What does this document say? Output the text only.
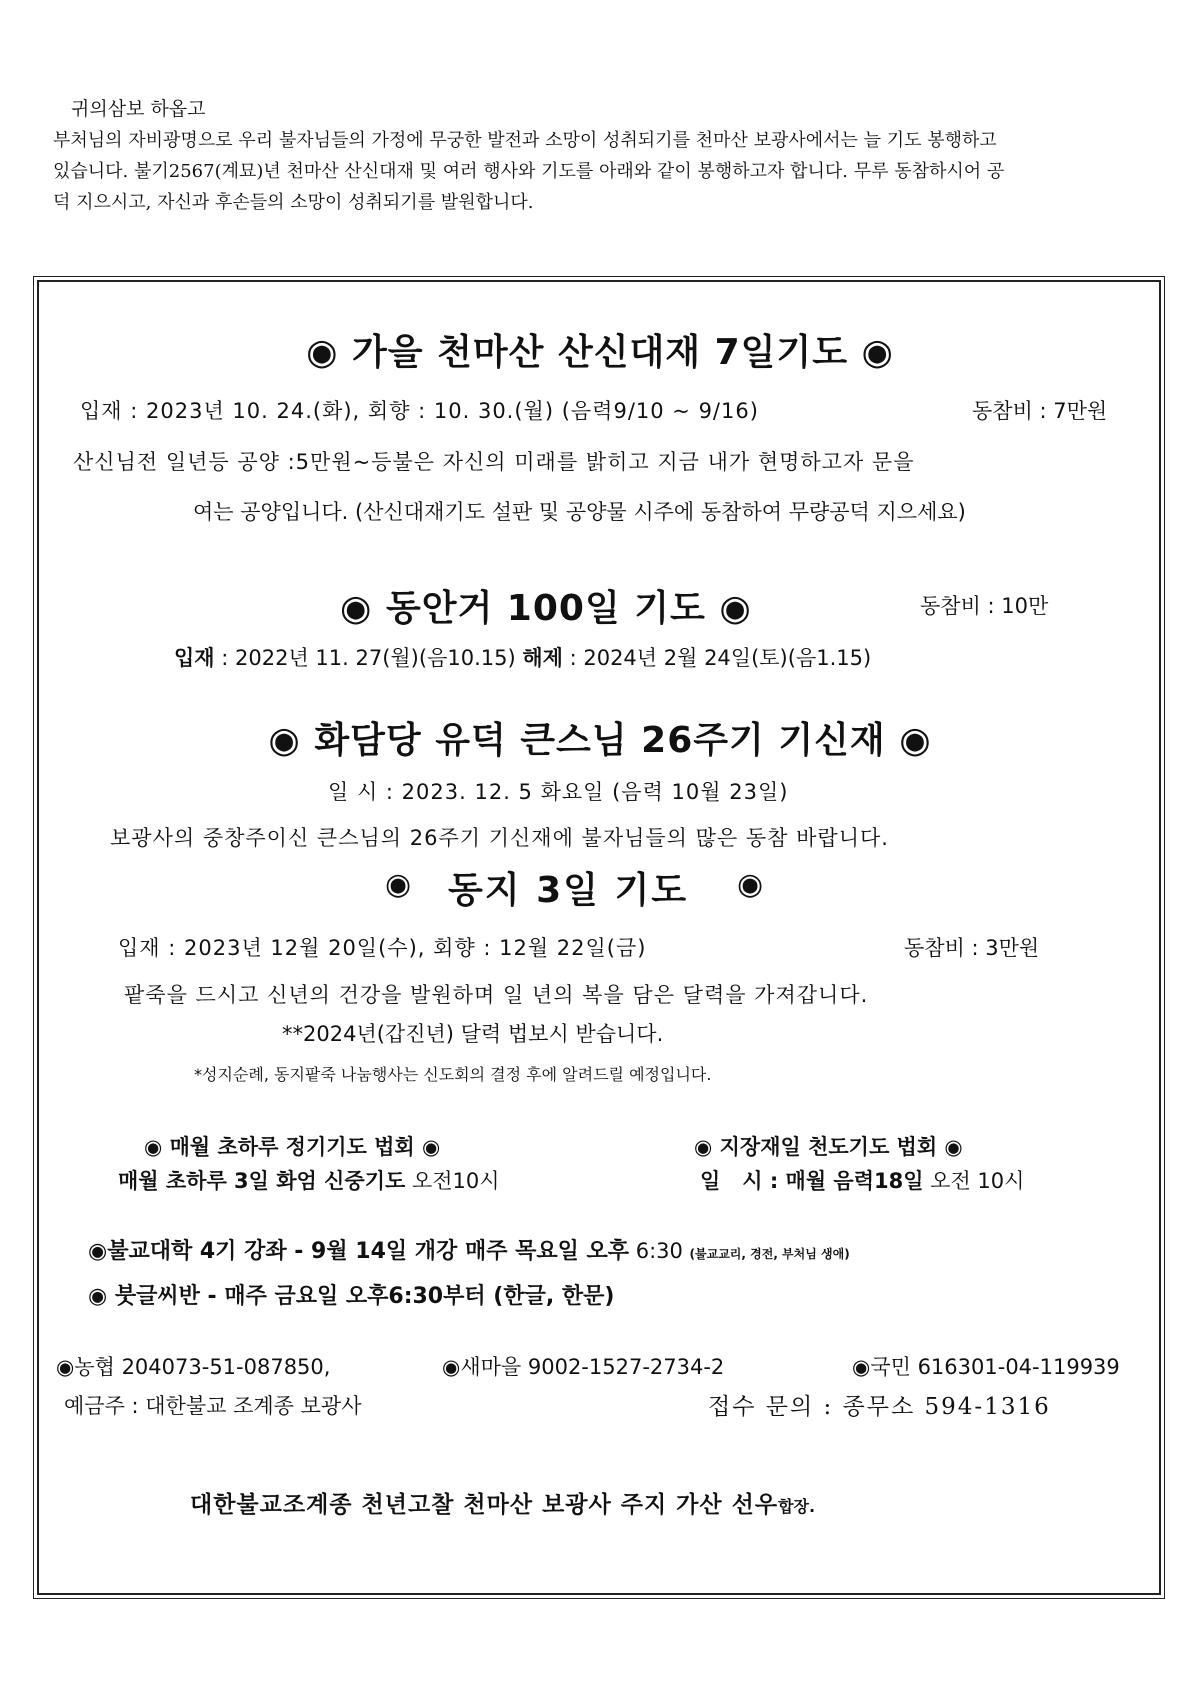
귀의삼보 하옵고

부처님의 자비광명으로 우리 불자님들의 가정에 무궁한 발전과 소망이 성취되기를 천마산 보광사에서는 늘 기도 봉행하고

있습니다. 불기2567(계묘)년 천마산 산신대재 및 여러 행사와 기도를 아래와 같이 봉행하고자 합니다. 무루 동참하시어 공

덕 지으시고, 자신과 후손들의 소망이 성취되기를 발원합니다.

◉ 가을 천마산 산신대재 7일기도 ◉
입재 : 2023년 10. 24.(화), 회향 : 10. 30.(월) (음력9/10 ~ 9/16)	동참비 : 7만원
산신님전 일년등 공양 :5만원~등불은 자신의 미래를 밝히고 지금 내가 현명하고자 문을
여는 공양입니다. (산신대재기도 설판 및 공양물 시주에 동참하여 무량공덕 지으세요)
◉ 동안거 100일 기도 ◉	동참비 : 10만
입재 : 2022년 11. 27(월)(음10.15) 해제 : 2024년 2월 24일(토)(음1.15)
◉ 화담당 유덕 큰스님 26주기 기신재 ◉
일 시 : 2023. 12. 5 화요일 (음력 10월 23일)
보광사의 중창주이신 큰스님의 26주기 기신재에 불자님들의 많은 동참 바랍니다.
◉ 동지 3일 기도 ◉
입재 : 2023년 12월 20일(수), 회향 : 12월 22일(금)	동참비 : 3만원
팥죽을 드시고 신년의 건강을 발원하며 일 년의 복을 담은 달력을 가져갑니다.
**2024년(갑진년) 달력 법보시 받습니다.
*성지순례, 동지팥죽 나눔행사는 신도회의 결정 후에 알려드릴 예정입니다.
◉ 매월 초하루 정기기도 법회 ◉
매월 초하루 3일 화엄 신중기도 오전10시
◉ 지장재일 천도기도 법회 ◉
일   시 : 매월 음력18일 오전 10시
◉불교대학 4기 강좌 - 9월 14일 개강 매주 목요일 오후 6:30 (불교교리, 경전, 부처님 생애)
◉ 붓글씨반 - 매주 금요일 오후6:30부터 (한글, 한문)
◉농협 204073-51-087850,	◉새마을 9002-1527-2734-2	◉국민 616301-04-119939
예금주 : 대한불교 조계종 보광사	접수 문의 : 종무소 594-1316
대한불교조계종 천년고찰 천마산 보광사 주지 가산 선우합장.
